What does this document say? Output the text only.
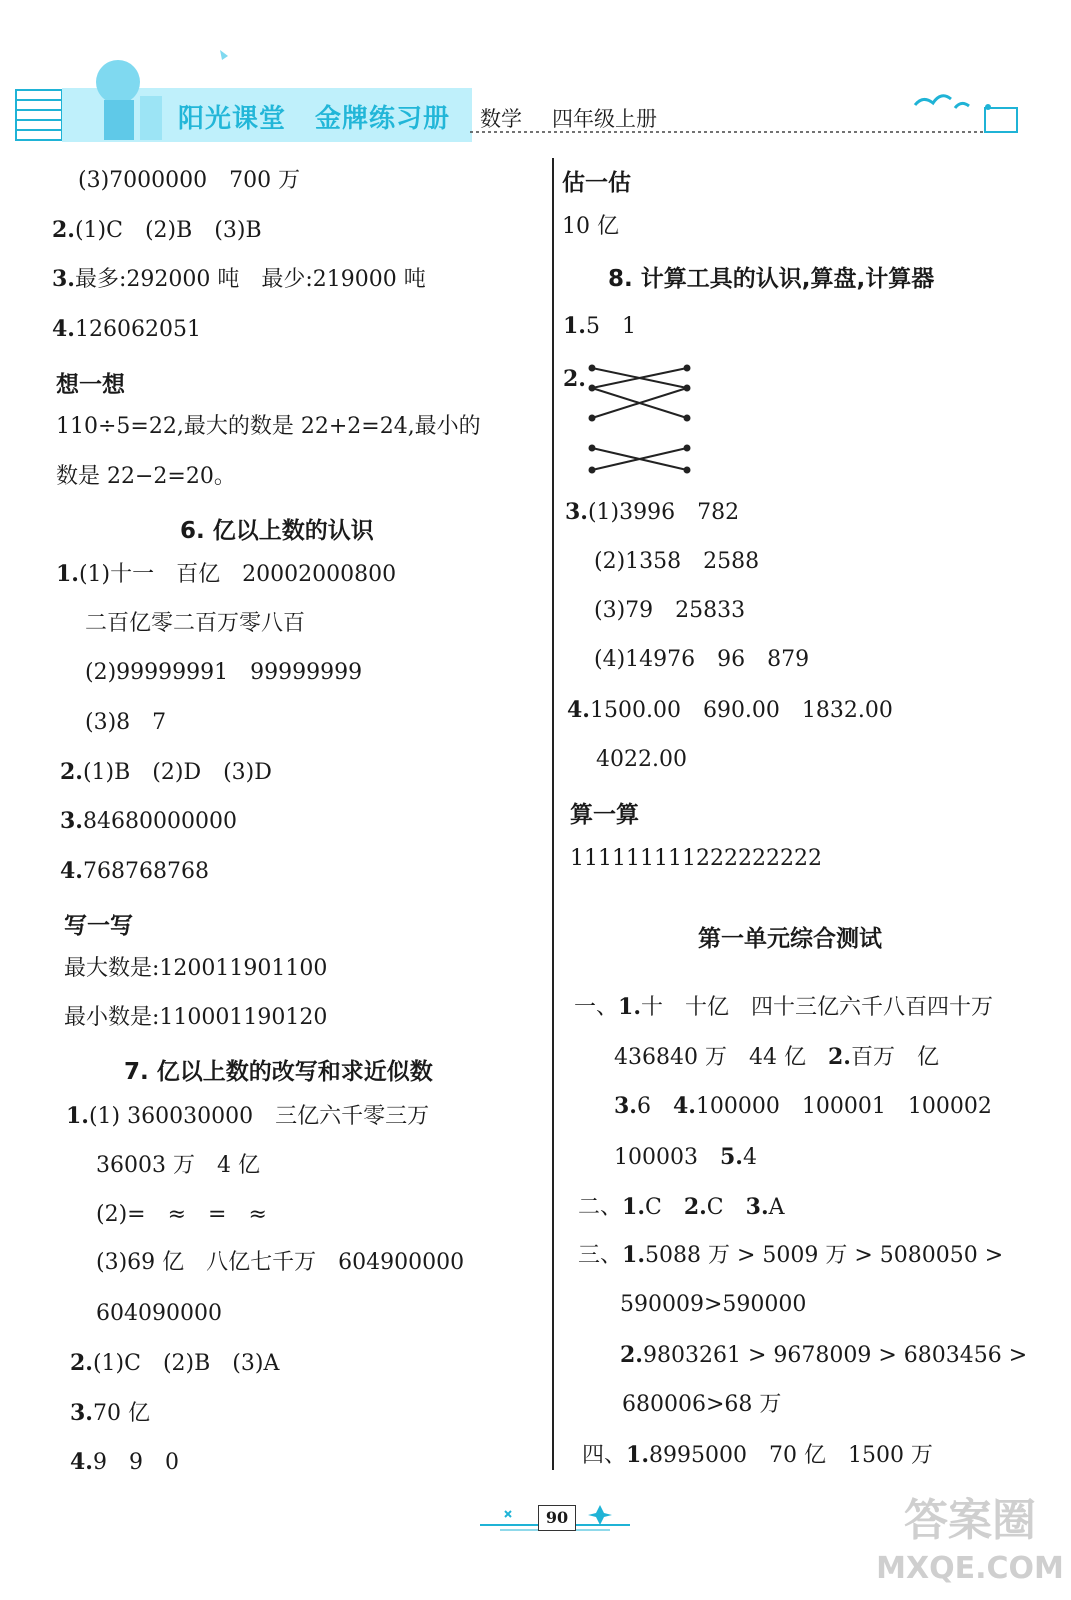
阳光课堂 金牌练习册 数学 四年级上册
(3)7000000　700 万
2.(1)C　(2)B　(3)B
3.最多:292000 吨　最少:219000 吨
4.126062051
想一想
110÷5=22,最大的数是 22+2=24,最小的
数是 22−2=20。
6. 亿以上数的认识
1.(1)十一　百亿　20002000800
二百亿零二百万零八百
(2)99999991　99999999
(3)8　7
2.(1)B　(2)D　(3)D
3.84680000000
4.768768768
写一写
最大数是:120011901100
最小数是:110001190120
7. 亿以上数的改写和求近似数
1.(1) 360030000　三亿六千零三万
36003 万　4 亿
(2)=　≈　=　≈
(3)69 亿　八亿七千万　604900000
604090000
2.(1)C　(2)B　(3)A
3.70 亿
4.9　9　0
估一估
10 亿
8. 计算工具的认识,算盘,计算器
1.5　1
2.
3.(1)3996　782
(2)1358　2588
(3)79　25833
(4)14976　96　879
4.1500.00　690.00　1832.00
4022.00
算一算
111111111222222222
第一单元综合测试
一、1.十　十亿　四十三亿六千八百四十万
436840 万　44 亿　2.百万　亿
3.6　4.100000　100001　100002
100003　5.4
二、1.C　2.C　3.A
三、1.5088 万 > 5009 万 > 5080050 >
590009>590000
2.9803261 > 9678009 > 6803456 >
680006>68 万
四、1.8995000　70 亿　1500 万
90	答案圈
MXQE.COM
